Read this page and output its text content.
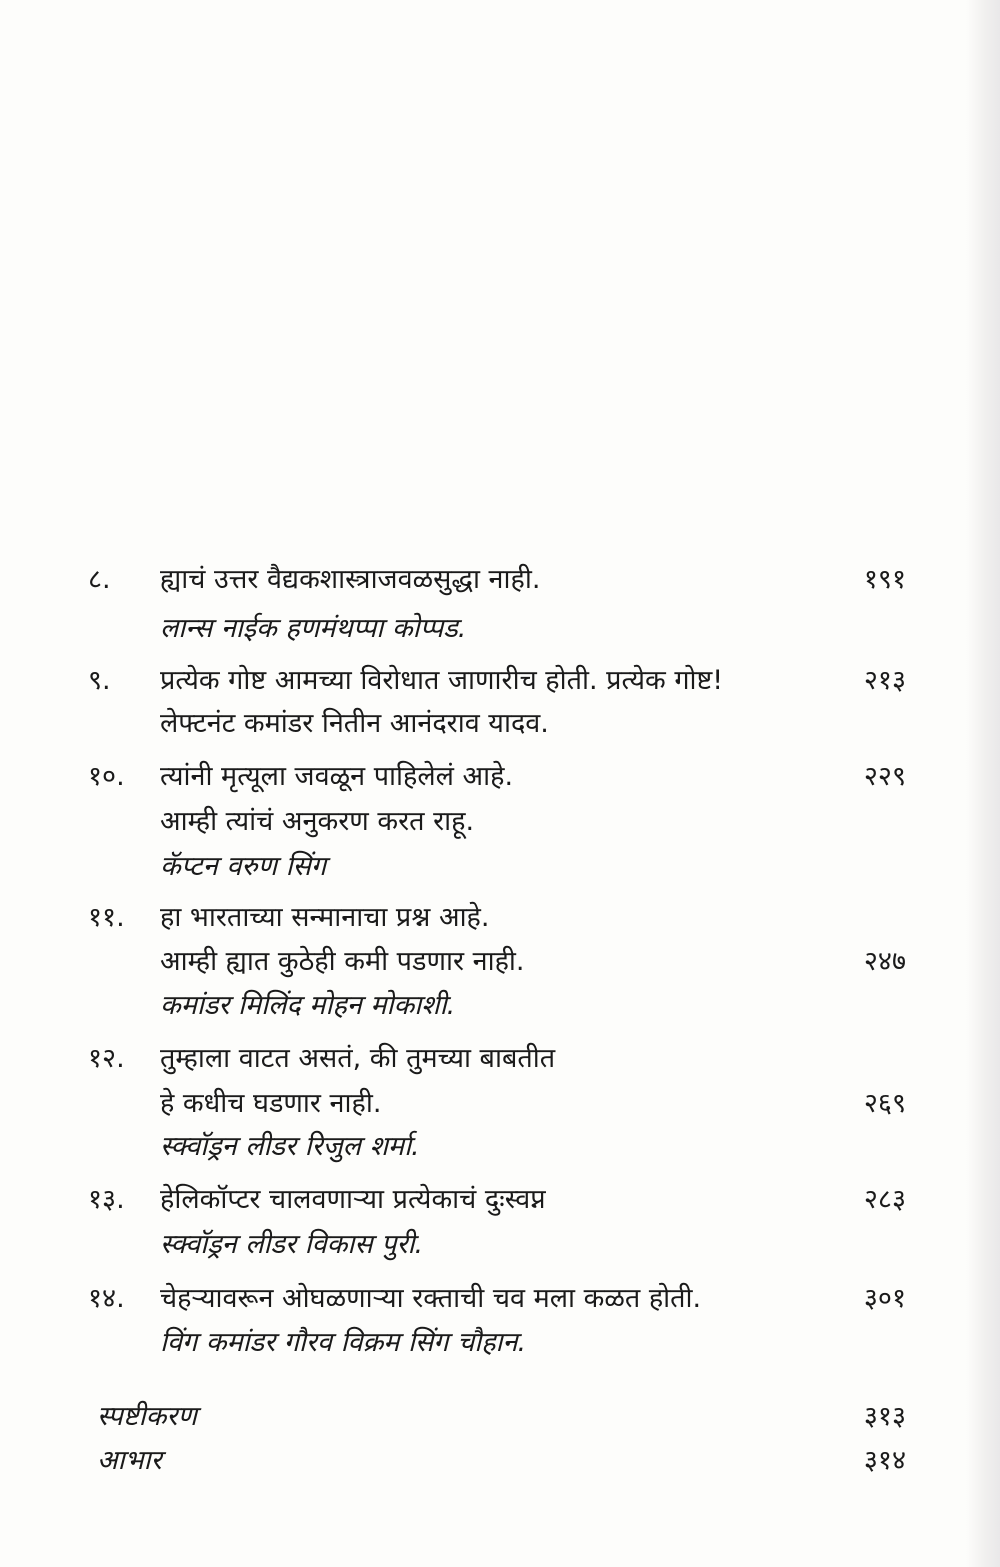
८.	ह्याचं उत्तर वैद्यकशास्त्राजवळसुद्धा नाही.	१९१
लान्स नाईक हणमंथप्पा कोप्पड.
९.	प्रत्येक गोष्ट आमच्या विरोधात जाणारीच होती. प्रत्येक गोष्ट!	२१३
लेफ्टनंट कमांडर नितीन आनंदराव यादव.
१०.	त्यांनी मृत्यूला जवळून पाहिलेलं आहे.	२२९
आम्ही त्यांचं अनुकरण करत राहू.
कॅप्टन वरुण सिंग
११.	हा भारताच्या सन्मानाचा प्रश्न आहे.
आम्ही ह्यात कुठेही कमी पडणार नाही.	२४७
कमांडर मिलिंद मोहन मोकाशी.
१२.	तुम्हाला वाटत असतं, की तुमच्या बाबतीत
हे कधीच घडणार नाही.	२६९
स्क्वॉड्रन लीडर रिजुल शर्मा.
१३.	हेलिकॉप्टर चालवणाऱ्या प्रत्येकाचं दुःस्वप्न	२८३
स्क्वॉड्रन लीडर विकास पुरी.
१४.	चेहऱ्यावरून ओघळणाऱ्या रक्ताची चव मला कळत होती.	३०१
विंग कमांडर गौरव विक्रम सिंग चौहान.
स्पष्टीकरण	३१३
आभार	३१४
